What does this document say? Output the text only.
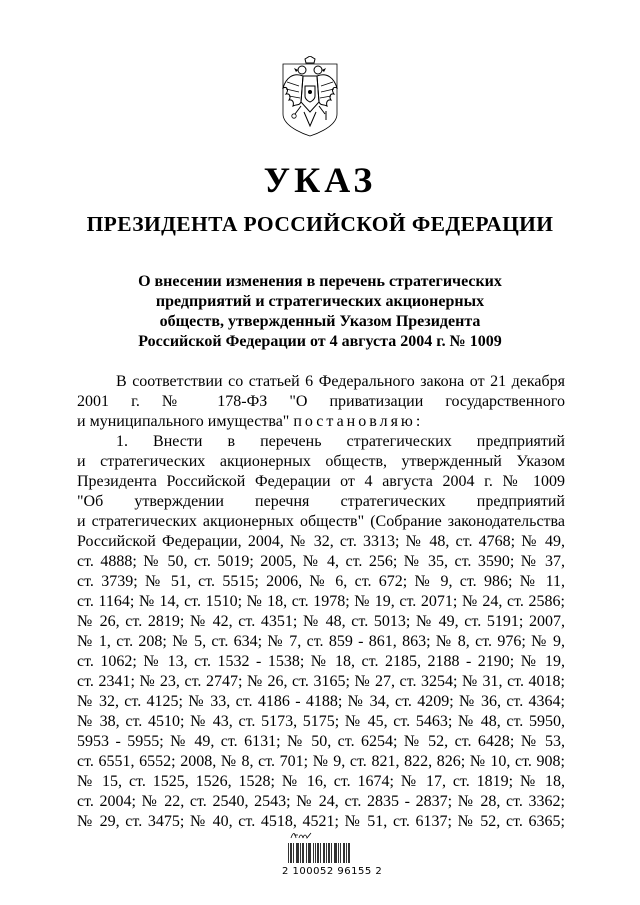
УКАЗ
ПРЕЗИДЕНТА РОССИЙСКОЙ ФЕДЕРАЦИИ
О внесении изменения в перечень стратегических
предприятий и стратегических акционерных
обществ, утвержденный Указом Президента
Российской Федерации от 4 августа 2004 г. № 1009

В соответствии со статьей 6 Федерального закона от 21 декабря

2001 г. № 178-ФЗ "О приватизации государственного

и муниципального имущества" постановляю:

1. Внести в перечень стратегических предприятий

и стратегических акционерных обществ, утвержденный Указом

Президента Российской Федерации от 4 августа 2004 г. № 1009

"Об утверждении перечня стратегических предприятий

и стратегических акционерных обществ" (Собрание законодательства

Российской Федерации, 2004, № 32, ст. 3313; № 48, ст. 4768; № 49,

ст. 4888; № 50, ст. 5019; 2005, № 4, ст. 256; № 35, ст. 3590; № 37,

ст. 3739; № 51, ст. 5515; 2006, № 6, ст. 672; № 9, ст. 986; № 11,

ст. 1164; № 14, ст. 1510; № 18, ст. 1978; № 19, ст. 2071; № 24, ст. 2586;

№ 26, ст. 2819; № 42, ст. 4351; № 48, ст. 5013; № 49, ст. 5191; 2007,

№ 1, ст. 208; № 5, ст. 634; № 7, ст. 859 - 861, 863; № 8, ст. 976; № 9,

ст. 1062; № 13, ст. 1532 - 1538; № 18, ст. 2185, 2188 - 2190; № 19,

ст. 2341; № 23, ст. 2747; № 26, ст. 3165; № 27, ст. 3254; № 31, ст. 4018;

№ 32, ст. 4125; № 33, ст. 4186 - 4188; № 34, ст. 4209; № 36, ст. 4364;

№ 38, ст. 4510; № 43, ст. 5173, 5175; № 45, ст. 5463; № 48, ст. 5950,

5953 - 5955; № 49, ст. 6131; № 50, ст. 6254; № 52, ст. 6428; № 53,

ст. 6551, 6552; 2008, № 8, ст. 701; № 9, ст. 821, 822, 826; № 10, ст. 908;

№ 15, ст. 1525, 1526, 1528; № 16, ст. 1674; № 17, ст. 1819; № 18,

ст. 2004; № 22, ст. 2540, 2543; № 24, ст. 2835 - 2837; № 28, ст. 3362;

№ 29, ст. 3475; № 40, ст. 4518, 4521; № 51, ст. 6137; № 52, ст. 6365;

2 100052 96155 2
